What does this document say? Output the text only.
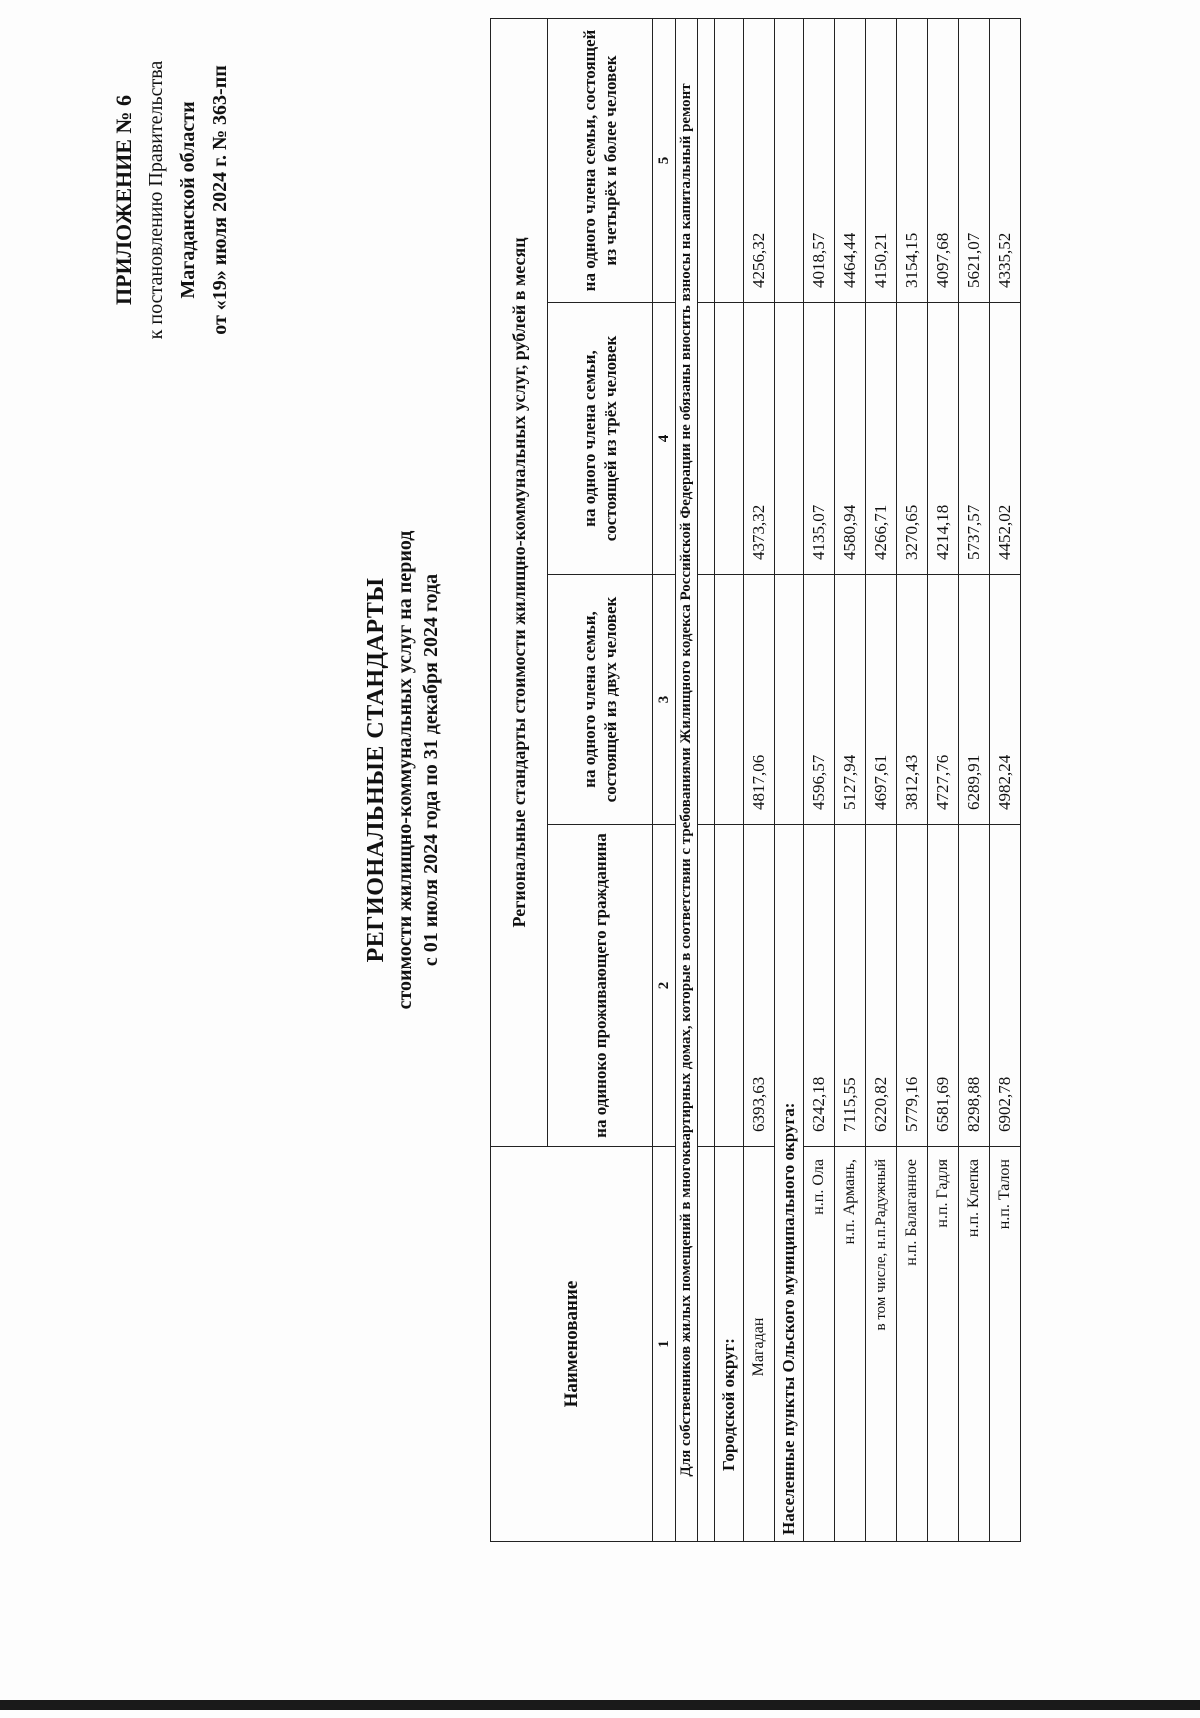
ПРИЛОЖЕНИЕ № 6 к постановлению Правительства Магаданской области от «19» июля 2024 г. № 363-пп
РЕГИОНАЛЬНЫЕ СТАНДАРТЫ стоимости жилищно-коммунальных услуг на период с 01 июля 2024 года по 31 декабря 2024 года
Наименование	Региональные стандарты стоимости жилищно-коммунальных услуг, рублей в месяц			
	на одиноко проживающего гражданина	на одного члена семьи, состоящей из двух человек	на одного члена семьи, состоящей из трёх человек	на одного члена семьи, состоящей из четырёх и более человек
1	2	3	4	5
Для собственников жилых помещений в многоквартирных домах, которые в соответствии с требованиями Жилищного кодекса Российской Федерации не обязаны вносить взносы на капитальный ремонт				

Городской округ:				
Магадан	6393,63	4817,06	4373,32	4256,32
Населенные пункты Ольского муниципального округа:				
н.п. Ола	6242,18	4596,57	4135,07	4018,57
н.п. Армань,	7115,55	5127,94	4580,94	4464,44
в том числе, н.п.Радужный	6220,82	4697,61	4266,71	4150,21
н.п. Балаганное	5779,16	3812,43	3270,65	3154,15
н.п. Гадля	6581,69	4727,76	4214,18	4097,68
н.п. Клепка	8298,88	6289,91	5737,57	5621,07
н.п. Талон	6902,78	4982,24	4452,02	4335,52
